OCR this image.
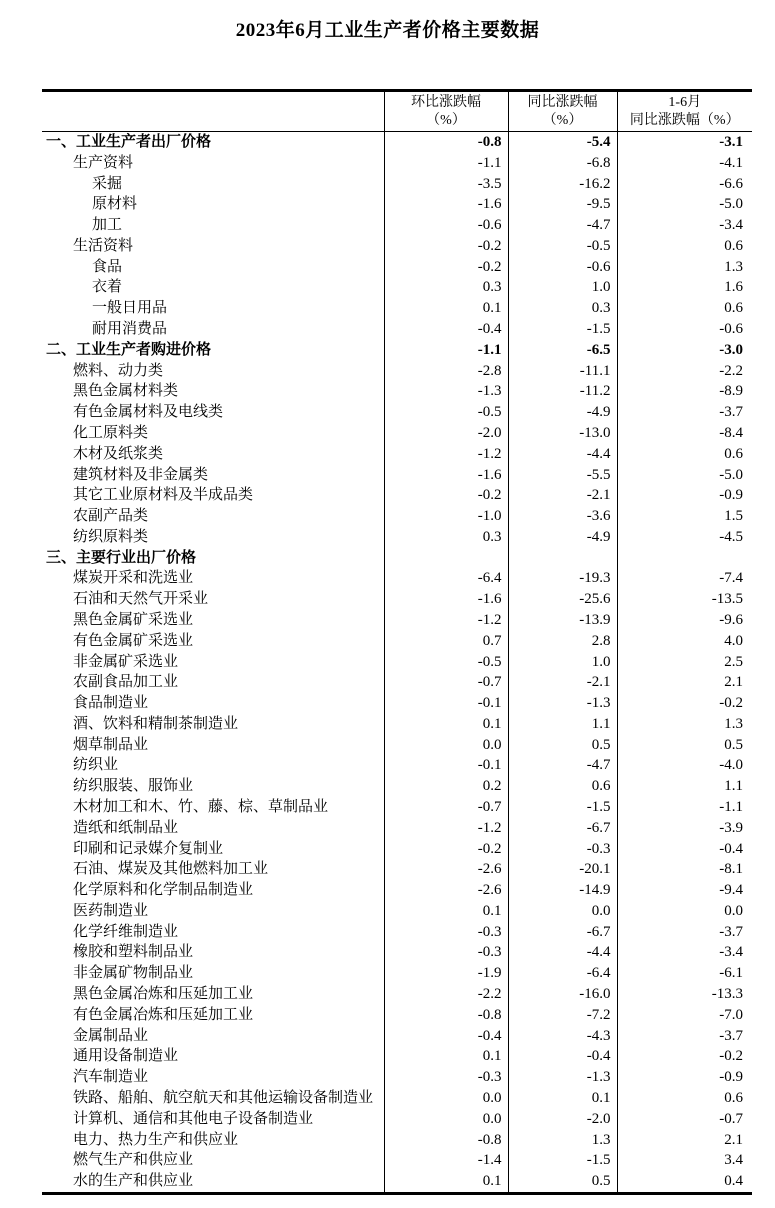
2023年6月工业生产者价格主要数据

环比涨跌幅
（%）

同比涨跌幅
（%）

1-6月
同比涨跌幅（%）

一、工业生产者出厂价格	-0.8	-5.4	-3.1
生产资料	-1.1	-6.8	-4.1
采掘	-3.5	-16.2	-6.6
原材料	-1.6	-9.5	-5.0
加工	-0.6	-4.7	-3.4
生活资料	-0.2	-0.5	0.6
食品	-0.2	-0.6	1.3
衣着	0.3	1.0	1.6
一般日用品	0.1	0.3	0.6
耐用消费品	-0.4	-1.5	-0.6
二、工业生产者购进价格	-1.1	-6.5	-3.0
燃料、动力类	-2.8	-11.1	-2.2
黑色金属材料类	-1.3	-11.2	-8.9
有色金属材料及电线类	-0.5	-4.9	-3.7
化工原料类	-2.0	-13.0	-8.4
木材及纸浆类	-1.2	-4.4	0.6
建筑材料及非金属类	-1.6	-5.5	-5.0
其它工业原材料及半成品类	-0.2	-2.1	-0.9
农副产品类	-1.0	-3.6	1.5
纺织原料类	0.3	-4.9	-4.5
三、主要行业出厂价格			
煤炭开采和洗选业	-6.4	-19.3	-7.4
石油和天然气开采业	-1.6	-25.6	-13.5
黑色金属矿采选业	-1.2	-13.9	-9.6
有色金属矿采选业	0.7	2.8	4.0
非金属矿采选业	-0.5	1.0	2.5
农副食品加工业	-0.7	-2.1	2.1
食品制造业	-0.1	-1.3	-0.2
酒、饮料和精制茶制造业	0.1	1.1	1.3
烟草制品业	0.0	0.5	0.5
纺织业	-0.1	-4.7	-4.0
纺织服装、服饰业	0.2	0.6	1.1
木材加工和木、竹、藤、棕、草制品业	-0.7	-1.5	-1.1
造纸和纸制品业	-1.2	-6.7	-3.9
印刷和记录媒介复制业	-0.2	-0.3	-0.4
石油、煤炭及其他燃料加工业	-2.6	-20.1	-8.1
化学原料和化学制品制造业	-2.6	-14.9	-9.4
医药制造业	0.1	0.0	0.0
化学纤维制造业	-0.3	-6.7	-3.7
橡胶和塑料制品业	-0.3	-4.4	-3.4
非金属矿物制品业	-1.9	-6.4	-6.1
黑色金属冶炼和压延加工业	-2.2	-16.0	-13.3
有色金属冶炼和压延加工业	-0.8	-7.2	-7.0
金属制品业	-0.4	-4.3	-3.7
通用设备制造业	0.1	-0.4	-0.2
汽车制造业	-0.3	-1.3	-0.9
铁路、船舶、航空航天和其他运输设备制造业	0.0	0.1	0.6
计算机、通信和其他电子设备制造业	0.0	-2.0	-0.7
电力、热力生产和供应业	-0.8	1.3	2.1
燃气生产和供应业	-1.4	-1.5	3.4
水的生产和供应业	0.1	0.5	0.4
